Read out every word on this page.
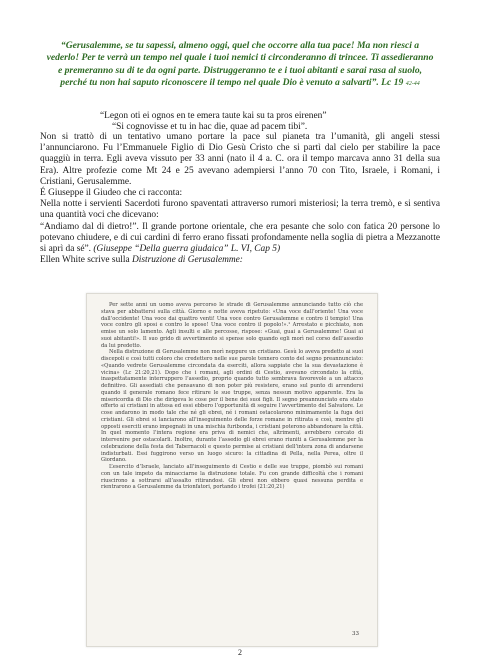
“Gerusalemme, se tu sapessi, almeno oggi, quel che occorre alla tua pace! Ma non riesci a vederlo! Per te verrà un tempo nel quale i tuoi nemici ti circonderanno di trincee. Ti assedieranno e premeranno su di te da ogni parte. Distruggeranno te e i tuoi abitanti e sarai rasa al suolo, perché tu non hai saputo riconoscere il tempo nel quale Dio è venuto a salvarti”. Lc 19 42-44
“Legon oti ei ognos en te emera taute kai su ta pros eirenen”
“Si cognovisse et tu in hac die, quae ad pacem tibi”.

Non si trattò di un tentativo umano portare la pace sul pianeta tra l’umanità, gli angeli stessi l’annunciarono. Fu l’Emmanuele Figlio di Dio Gesù Cristo che si partì dal cielo per stabilire la pace quaggiù in terra. Egli aveva vissuto per 33 anni (nato il 4 a. C. ora il tempo marcava anno 31 della sua Era). Altre profezie come Mt 24 e 25 avevano adempiersi l’anno 70 con Tito, Israele, i Romani, i Cristiani, Gerusalemme.

É Giuseppe il Giudeo che ci racconta:

Nella notte i servienti Sacerdoti furono spaventati attraverso rumori misteriosi; la terra tremò, e si sentiva una quantità voci che dicevano:

“Andiamo dal di dietro!”. Il grande portone orientale, che era pesante che solo con fatica 20 persone lo potevano chiudere, e di cui cardini di ferro erano fissati profondamente nella soglia di pietra a Mezzanotte si aprì da sé”. (Giuseppe “Della guerra giudaica” L. VI, Cap 5)

Ellen White scrive sulla Distruzione di Gerusalemme:

Per sette anni un uomo aveva percorso le strade di Gerusalemme annunciando tutto ciò che stava per abbattersi sulla città. Giorno e notte aveva ripetuto: «Una voce dall’oriente! Una voce dall’occidente! Una voce dai quattro venti! Una voce contro Gerusalemme e contro il tempio! Una voce contro gli sposi e contro le spose! Una voce contro il popolo!».¹ Arrestato e picchiato, non emise un solo lamento. Agli insulti e alle percosse, rispose: «Guai, guai a Gerusalemme! Guai ai suoi abitanti!». Il suo grido di avvertimento si spense solo quando egli morì nel corso dell’assedio da lui predetto.

Nella distruzione di Gerusalemme non morì neppure un cristiano. Gesù lo aveva predetto ai suoi discepoli e così tutti coloro che credettero nelle sue parole tennero conto del segno preannunciato: «Quando vedrete Gerusalemme circondata da eserciti, allora sappiate che la sua devastazione è vicina» (Lc 21:20,21). Dopo che i romani, agli ordini di Cestio, avevano circondato la città, inaspettatamente interruppero l’assedio, proprio quando tutto sembrava favorevole a un attacco definitivo. Gli assediati che pensavano di non poter più resistere, erano sul punto di arrendersi quando il generale romano fece ritirare le sue truppe, senza nessun motivo apparente. Era la misericordia di Dio che dirigeva le cose per il bene dei suoi figli. Il segno preannunciato era stato offerto ai cristiani in attesa ed essi ebbero l’opportunità di seguire l’avvertimento del Salvatore. Le cose andarono in modo tale che né gli ebrei, né i romani ostacolarono minimamente la fuga dei cristiani. Gli ebrei si lanciarono all’inseguimento delle forze romane in ritirata e così, mentre gli opposti eserciti erano impegnati in una mischia furibonda, i cristiani poterono abbandonare la città. In quel momento l’intera regione era priva di nemici che, altrimenti, avrebbero cercato di intervenire per ostacolarli. Inoltre, durante l’assedio gli ebrei erano riuniti a Gerusalemme per la celebrazione della festa dei Tabernacoli e questo permise ai cristiani dell’intera zona di andarsene indisturbati. Essi fuggirono verso un luogo sicuro: la cittadina di Pella, nella Perea, oltre il Giordano.

L’esercito d’Israele, lanciato all’inseguimento di Cestio e delle sue truppe, piombò sui romani con un tale impeto da minacciarne la distruzione totale. Fu con grande difficoltà che i romani riuscirono a sottrarsi all’assalto ritirandosi. Gli ebrei non ebbero quasi nessuna perdita e rientrarono a Gerusalemme da trionfatori, portando i trofei (21:20,21)

33
2
